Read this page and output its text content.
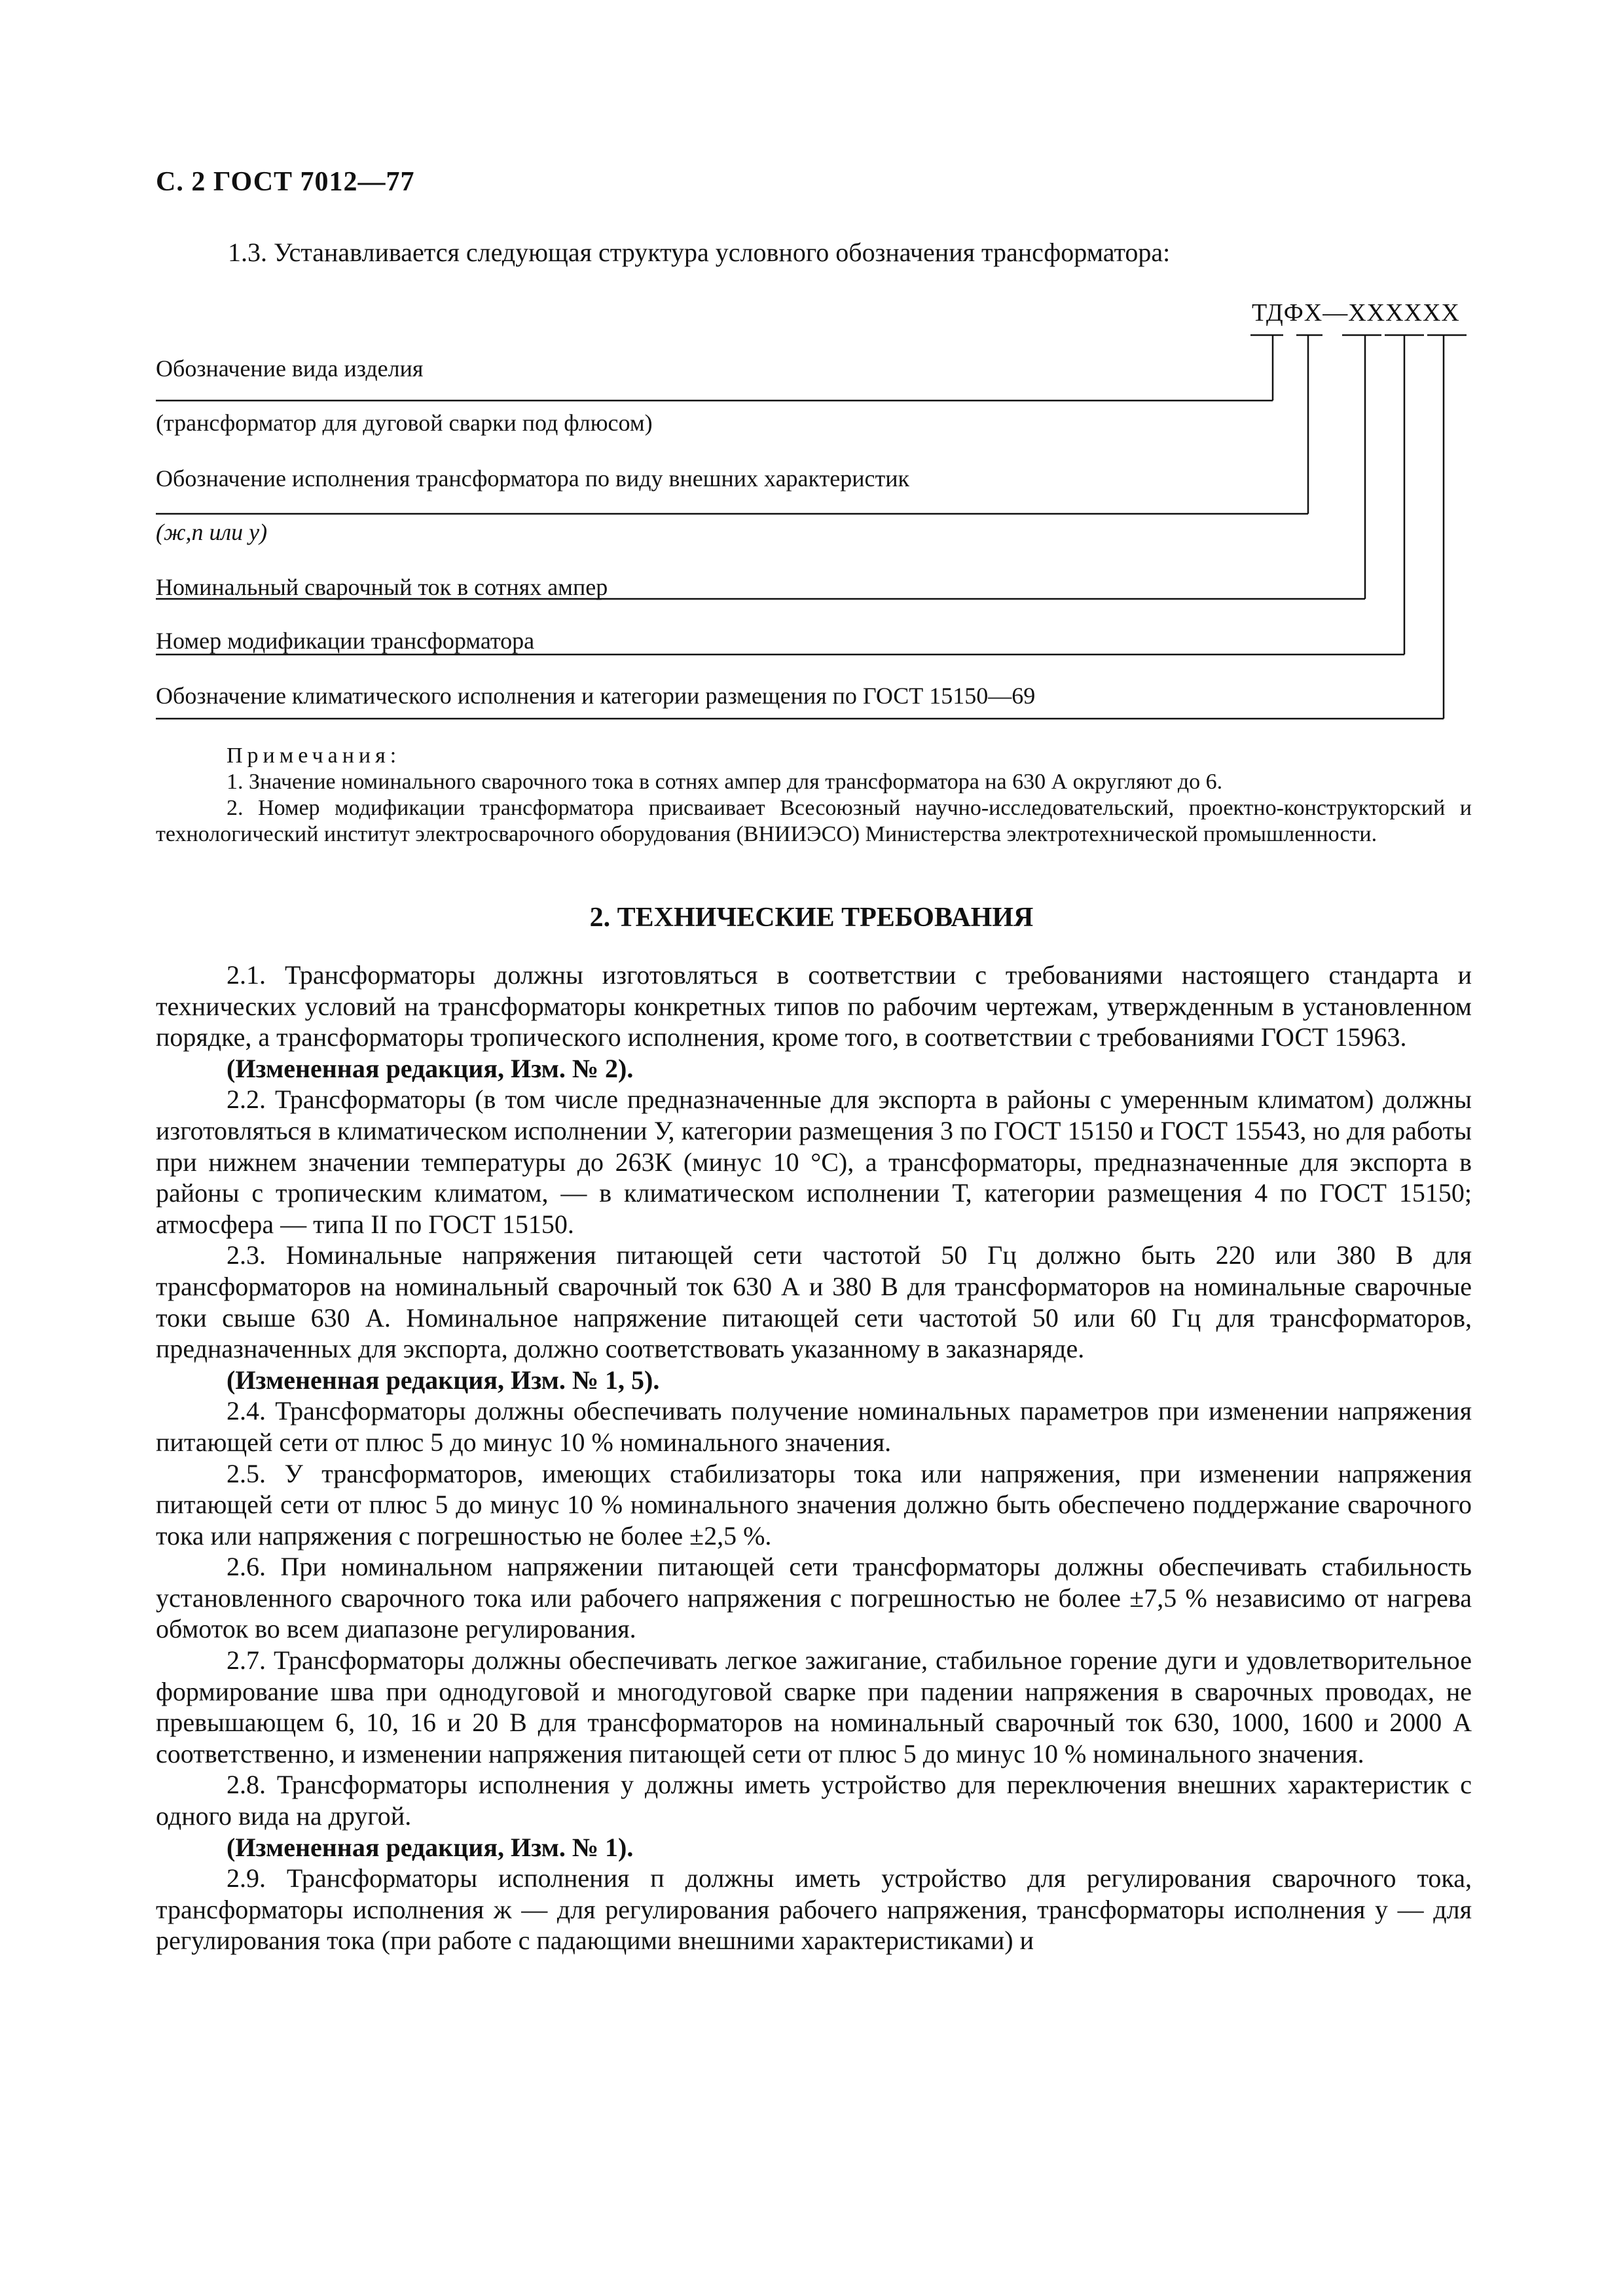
С. 2 ГОСТ 7012—77
1.3. Устанавливается следующая структура условного обозначения трансформатора:
ТДФХ—ХХХХХХ
Обозначение вида изделия
(трансформатор для дуговой сварки под флюсом)
Обозначение исполнения трансформатора по виду внешних характеристик
(ж,п или у)
Номинальный сварочный ток в сотнях ампер
Номер модификации трансформатора
Обозначение климатического исполнения и категории размещения по ГОСТ 15150—69
Примечания:
1. Значение номинального сварочного тока в сотнях ампер для трансформатора на 630 А округляют до 6.
2. Номер модификации трансформатора присваивает Всесоюзный научно-исследовательский, проектно-конструкторский и технологический институт электросварочного оборудования (ВНИИЭСО) Министерства электротехнической промышленности.
2. ТЕХНИЧЕСКИЕ ТРЕБОВАНИЯ

2.1. Трансформаторы должны изготовляться в соответствии с требованиями настоящего стандарта и технических условий на трансформаторы конкретных типов по рабочим чертежам, утвержденным в установленном порядке, а трансформаторы тропического исполнения, кроме того, в соответствии с требованиями ГОСТ 15963.

(Измененная редакция, Изм. № 2).

2.2. Трансформаторы (в том числе предназначенные для экспорта в районы с умеренным климатом) должны изготовляться в климатическом исполнении У, категории размещения 3 по ГОСТ 15150 и ГОСТ 15543, но для работы при нижнем значении температуры до 263К (минус 10 °С), а трансформаторы, предназначенные для экспорта в районы с тропическим климатом, — в климатическом исполнении Т, категории размещения 4 по ГОСТ 15150; атмосфера — типа II по ГОСТ 15150.

2.3. Номинальные напряжения питающей сети частотой 50 Гц должно быть 220 или 380 В для трансформаторов на номинальный сварочный ток 630 А и 380 В для трансформаторов на номинальные сварочные токи свыше 630 А. Номинальное напряжение питающей сети частотой 50 или 60 Гц для трансформаторов, предназначенных для экспорта, должно соответствовать указанному в заказнаряде.

(Измененная редакция, Изм. № 1, 5).

2.4. Трансформаторы должны обеспечивать получение номинальных параметров при изменении напряжения питающей сети от плюс 5 до минус 10 % номинального значения.

2.5. У трансформаторов, имеющих стабилизаторы тока или напряжения, при изменении напряжения питающей сети от плюс 5 до минус 10 % номинального значения должно быть обеспечено поддержание сварочного тока или напряжения с погрешностью не более ±2,5 %.

2.6. При номинальном напряжении питающей сети трансформаторы должны обеспечивать стабильность установленного сварочного тока или рабочего напряжения с погрешностью не более ±7,5 % независимо от нагрева обмоток во всем диапазоне регулирования.

2.7. Трансформаторы должны обеспечивать легкое зажигание, стабильное горение дуги и удовлетворительное формирование шва при однодуговой и многодуговой сварке при падении напряжения в сварочных проводах, не превышающем 6, 10, 16 и 20 В для трансформаторов на номинальный сварочный ток 630, 1000, 1600 и 2000 А соответственно, и изменении напряжения питающей сети от плюс 5 до минус 10 % номинального значения.

2.8. Трансформаторы исполнения у должны иметь устройство для переключения внешних характеристик с одного вида на другой.

(Измененная редакция, Изм. № 1).

2.9. Трансформаторы исполнения п должны иметь устройство для регулирования сварочного тока, трансформаторы исполнения ж — для регулирования рабочего напряжения, трансформаторы исполнения у — для регулирования тока (при работе с падающими внешними характеристиками) и
